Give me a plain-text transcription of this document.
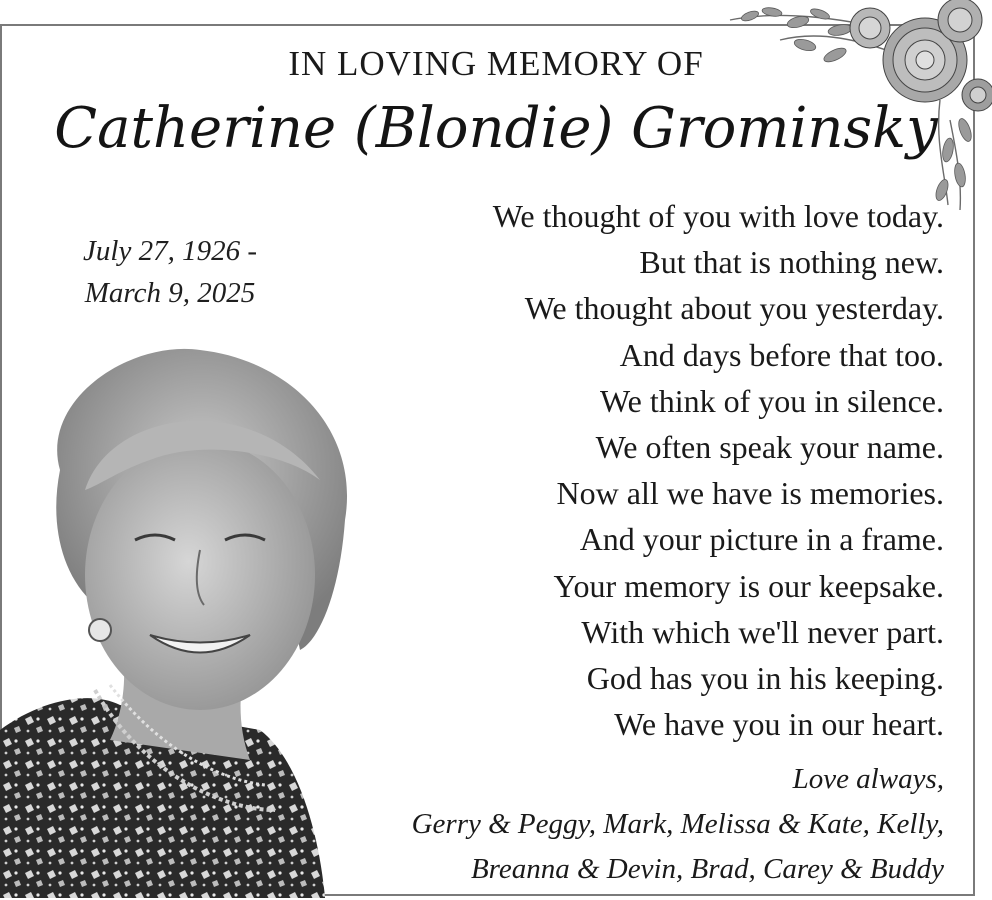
IN LOVING MEMORY OF
Catherine (Blondie) Grominsky
July 27, 1926 -
March 9, 2025
We thought of you with love today.
But that is nothing new.
We thought about you yesterday.
And days before that too.
We think of you in silence.
We often speak your name.
Now all we have is memories.
And your picture in a frame.
Your memory is our keepsake.
With which we'll never part.
God has you in his keeping.
We have you in our heart.
Love always,
Gerry & Peggy, Mark, Melissa & Kate, Kelly,
Breanna & Devin, Brad, Carey & Buddy
